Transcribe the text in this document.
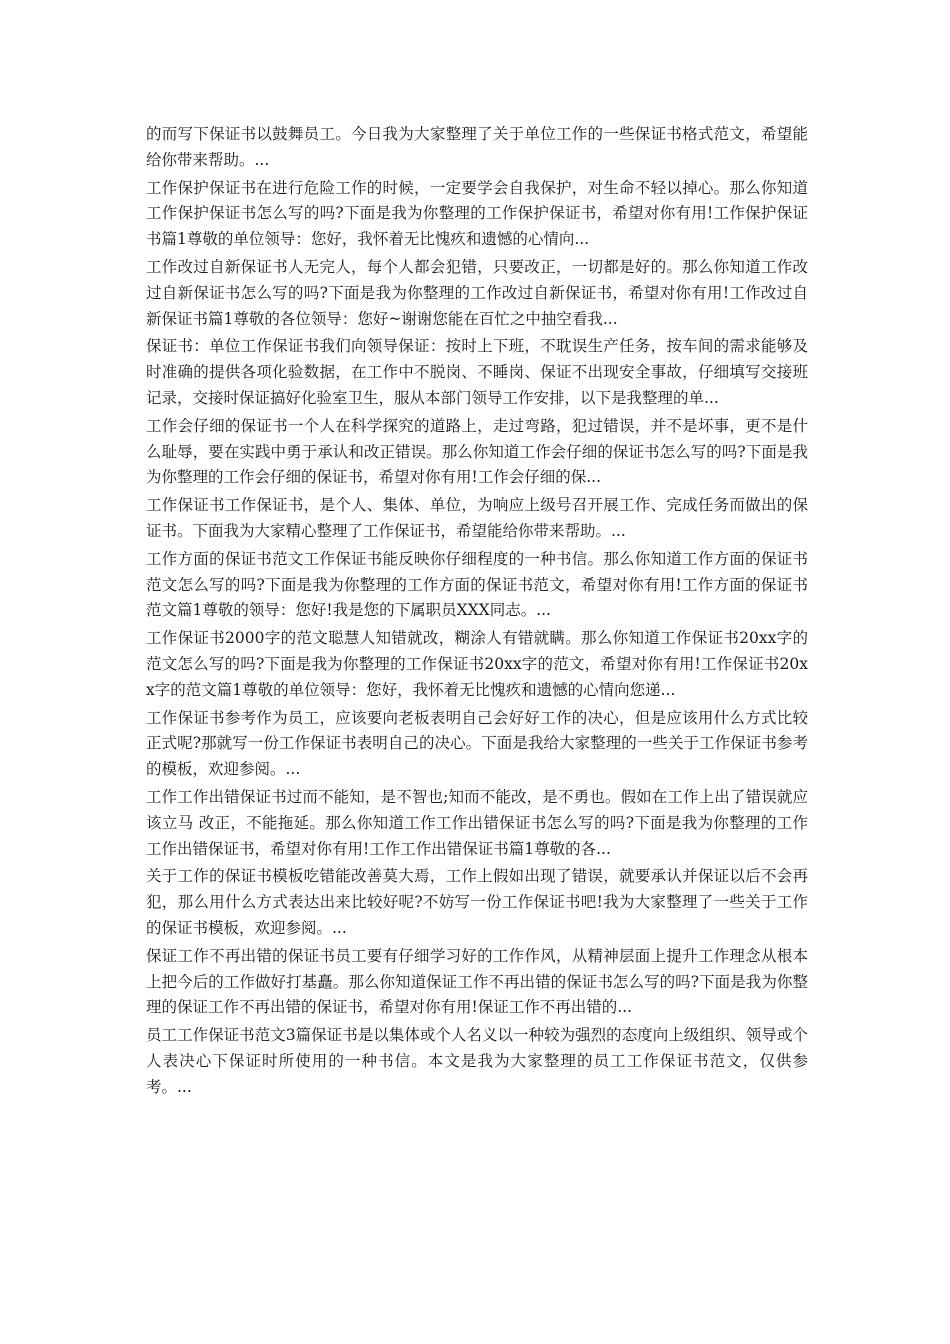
的而写下保证书以鼓舞员工。今日我为大家整理了关于单位工作的一些保证书格式范文，希望能给你带来帮助。...

工作保护保证书在进行危险工作的时候，一定要学会自我保护，对生命不轻以掉心。那么你知道工作保护保证书怎么写的吗?下面是我为你整理的工作保护保证书，希望对你有用!工作保护保证书篇1尊敬的单位领导：您好，我怀着无比愧疚和遗憾的心情向...

工作改过自新保证书人无完人，每个人都会犯错，只要改正，一切都是好的。那么你知道工作改过自新保证书怎么写的吗?下面是我为你整理的工作改过自新保证书，希望对你有用!工作改过自新保证书篇1尊敬的各位领导：您好~谢谢您能在百忙之中抽空看我...

保证书：单位工作保证书我们向领导保证：按时上下班，不耽误生产任务，按车间的需求能够及时准确的提供各项化验数据，在工作中不脱岗、不睡岗、保证不出现安全事故，仔细填写交接班记录，交接时保证搞好化验室卫生，服从本部门领导工作安排，以下是我整理的单...

工作会仔细的保证书一个人在科学探究的道路上，走过弯路，犯过错误，并不是坏事，更不是什么耻辱，要在实践中勇于承认和改正错误。那么你知道工作会仔细的保证书怎么写的吗?下面是我为你整理的工作会仔细的保证书，希望对你有用!工作会仔细的保...

工作保证书工作保证书，是个人、集体、单位，为响应上级号召开展工作、完成任务而做出的保证书。下面我为大家精心整理了工作保证书，希望能给你带来帮助。...

工作方面的保证书范文工作保证书能反映你仔细程度的一种书信。那么你知道工作方面的保证书范文怎么写的吗?下面是我为你整理的工作方面的保证书范文，希望对你有用!工作方面的保证书范文篇1尊敬的领导：您好!我是您的下属职员XXX同志。...

工作保证书2000字的范文聪慧人知错就改，糊涂人有错就瞒。那么你知道工作保证书20xx字的范文怎么写的吗?下面是我为你整理的工作保证书20xx字的范文，希望对你有用!工作保证书20xx字的范文篇1尊敬的单位领导：您好，我怀着无比愧疚和遗憾的心情向您递...

工作保证书参考作为员工，应该要向老板表明自己会好好工作的决心，但是应该用什么方式比较正式呢?那就写一份工作保证书表明自己的决心。下面是我给大家整理的一些关于工作保证书参考的模板，欢迎参阅。...

工作工作出错保证书过而不能知，是不智也;知而不能改，是不勇也。假如在工作上出了错误就应该立马 改正，不能拖延。那么你知道工作工作出错保证书怎么写的吗?下面是我为你整理的工作工作出错保证书，希望对你有用!工作工作出错保证书篇1尊敬的各...

关于工作的保证书模板吃错能改善莫大焉，工作上假如出现了错误，就要承认并保证以后不会再犯，那么用什么方式表达出来比较好呢?不妨写一份工作保证书吧!我为大家整理了一些关于工作的保证书模板，欢迎参阅。...

保证工作不再出错的保证书员工要有仔细学习好的工作作风，从精神层面上提升工作理念从根本上把今后的工作做好打基矗。那么你知道保证工作不再出错的保证书怎么写的吗?下面是我为你整理的保证工作不再出错的保证书，希望对你有用!保证工作不再出错的...

员工工作保证书范文3篇保证书是以集体或个人名义以一种较为强烈的态度向上级组织、领导或个人表决心下保证时所使用的一种书信。本文是我为大家整理的员工工作保证书范文，仅供参考。...
